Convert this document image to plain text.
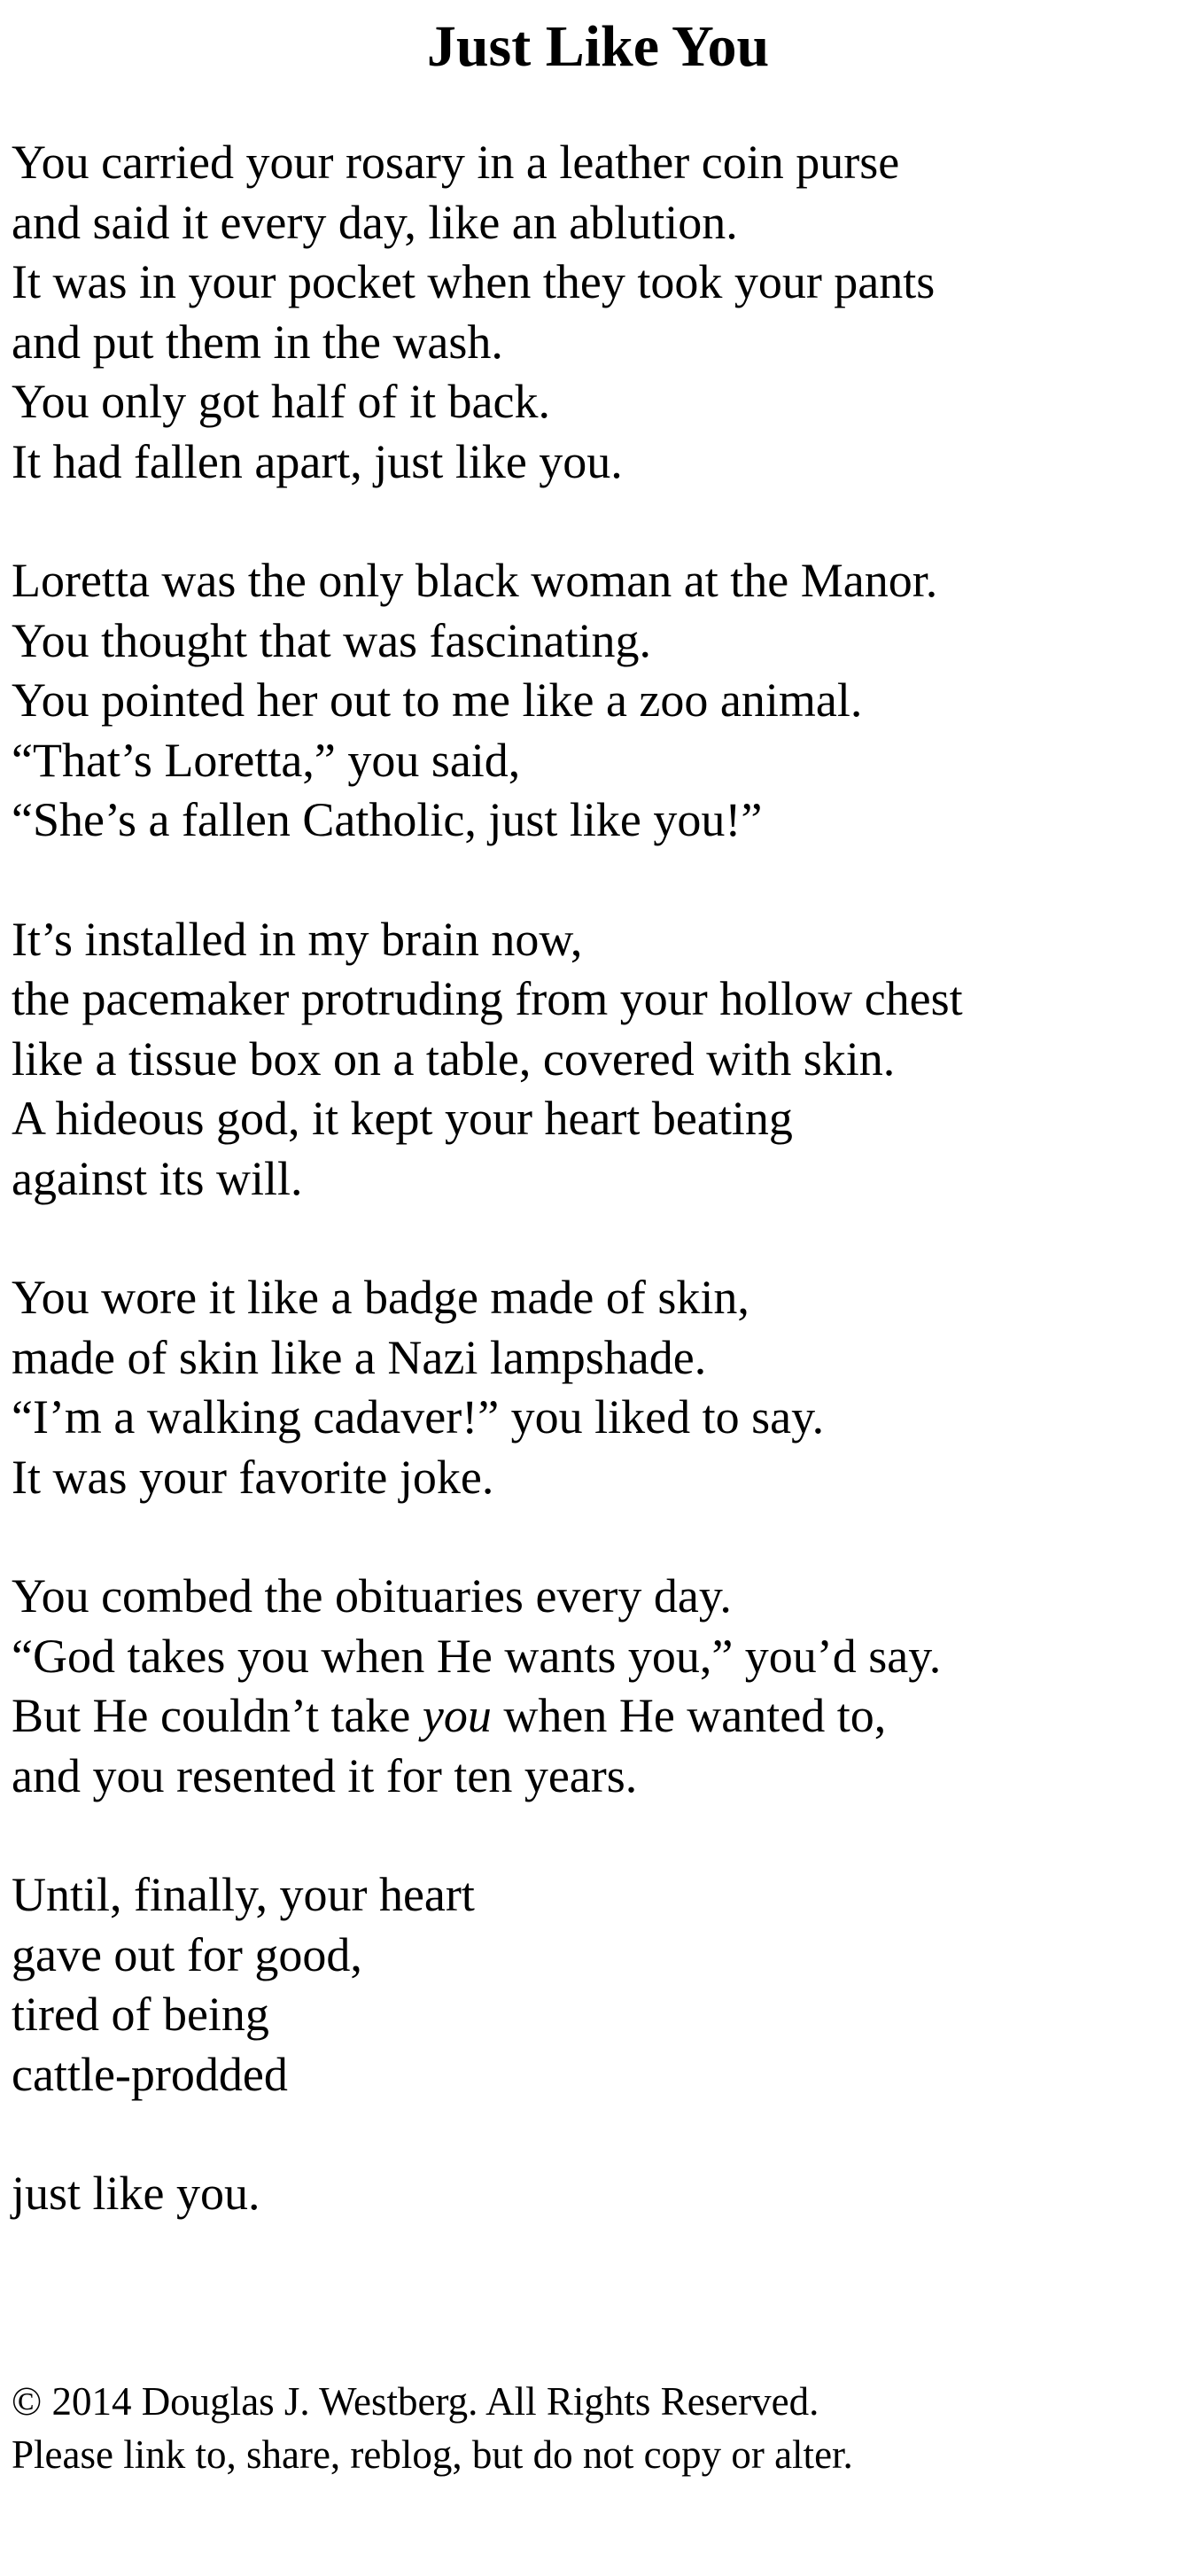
Just Like You
You carried your rosary in a leather coin purse
and said it every day, like an ablution.
It was in your pocket when they took your pants
and put them in the wash.
You only got half of it back.
It had fallen apart, just like you.
Loretta was the only black woman at the Manor.
You thought that was fascinating.
You pointed her out to me like a zoo animal.
“That’s Loretta,” you said,
“She’s a fallen Catholic, just like you!”
It’s installed in my brain now,
the pacemaker protruding from your hollow chest
like a tissue box on a table, covered with skin.
A hideous god, it kept your heart beating
against its will.
You wore it like a badge made of skin,
made of skin like a Nazi lampshade.
“I’m a walking cadaver!” you liked to say.
It was your favorite joke.
You combed the obituaries every day.
“God takes you when He wants you,” you’d say.
But He couldn’t take you when He wanted to,
and you resented it for ten years.
Until, finally, your heart
gave out for good,
tired of being
cattle-prodded
just like you.
© 2014 Douglas J. Westberg. All Rights Reserved.
Please link to, share, reblog, but do not copy or alter.
